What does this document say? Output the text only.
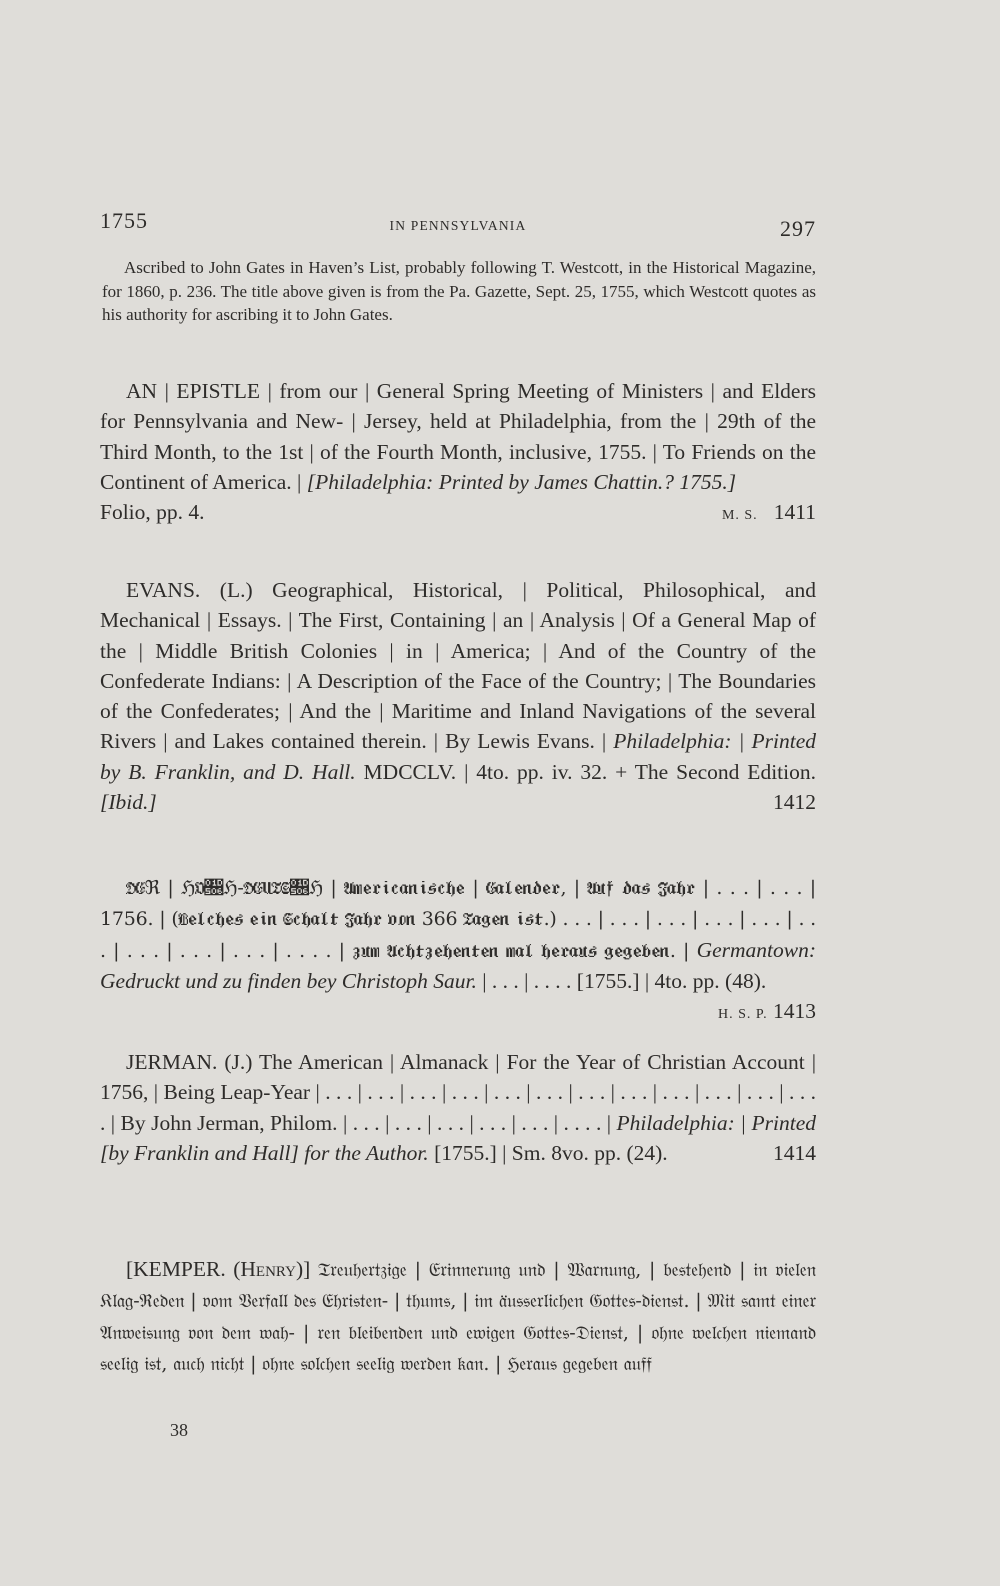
1755	IN PENNSYLVANIA	297

Ascribed to John Gates in Haven’s List, probably following T. Westcott, in the Historical Magazine, for 1860, p. 236. The title above given is from the Pa. Gazette, Sept. 25, 1755, which Westcott quotes as his authority for ascribing it to John Gates.

AN | EPISTLE | from our | General Spring Meeting of Ministers | and Elders for Pennsylvania and New- | Jersey, held at Philadelphia, from the | 29th of the Third Month, to the 1st | of the Fourth Month, inclusive, 1755. | To Friends on the Continent of America. | [Philadelphia: Printed by James Chattin.? 1755.]
Folio, pp. 4.	M. S. 1411

EVANS. (L.) Geographical, Historical, | Political, Philosophical, and Mechanical | Essays. | The First, Containing | an | Analysis | Of a General Map of the | Middle British Colonies | in | America; | And of the Country of the Confederate Indians: | A Description of the Face of the Country; | The Boundaries of the Confederates; | And the | Maritime and Inland Navigations of the several Rivers | and Lakes contained therein. | By Lewis Evans. | Philadelphia: | Printed by B. Franklin, and D. Hall. MDCCLV. | 4to. pp. iv. 32. + The Second Edition. [Ibid.]	1412

𝔇𝔈ℜ | ℌ𝔒𝔆ℌ-𝔇𝔈𝔘𝔗𝔖𝔆ℌ | 𝔄𝔪𝔢𝔯𝔦𝔠𝔞𝔫𝔦𝔰𝔠𝔥𝔢 | 𝔈𝔞𝔩𝔢𝔫𝔡𝔢𝔯, | 𝔄𝔲𝔣 𝔡𝔞𝔰 𝔍𝔞𝔥𝔯 | . . . | . . . | 1756. | (𝔚𝔢𝔩𝔠𝔥𝔢𝔰 𝔢𝔦𝔫 𝔖𝔠𝔥𝔞𝔩𝔱 𝔍𝔞𝔥𝔯 𝔳𝔬𝔫 366 𝔗𝔞𝔤𝔢𝔫 𝔦𝔰𝔱.) . . . | . . . | . . . | . . . | . . . | . . . | . . . | . . . | . . . | . . . . | 𝔷𝔲𝔪 𝔄𝔠𝔥𝔱𝔷𝔢𝔥𝔢𝔫𝔱𝔢𝔫 𝔪𝔞𝔩 𝔥𝔢𝔯𝔞𝔲𝔰 𝔤𝔢𝔤𝔢𝔟𝔢𝔫. | Germantown: Gedruckt und zu finden bey Christoph Saur. | . . . | . . . . [1755.] | 4to. pp. (48).
H. S. P. 1413

JERMAN. (J.) The American | Almanack | For the Year of Christian Account | 1756, | Being Leap-Year | . . . | . . . | . . . | . . . | . . . | . . . | . . . | . . . | . . . | . . . | . . . | . . . . | By John Jerman, Philom. | . . . | . . . | . . . | . . . | . . . | . . . . | Philadelphia: | Printed [by Franklin and Hall] for the Author. [1755.] | Sm. 8vo. pp. (24).	1414

[KEMPER. (Henry)] 𝔗𝔯𝔢𝔲𝔥𝔢𝔯𝔱𝔷𝔦𝔤𝔢 | 𝔈𝔯𝔦𝔫𝔫𝔢𝔯𝔲𝔫𝔤 𝔲𝔫𝔡 | 𝔚𝔞𝔯𝔫𝔲𝔫𝔤, | 𝔟𝔢𝔰𝔱𝔢𝔥𝔢𝔫𝔡 | 𝔦𝔫 𝔳𝔦𝔢𝔩𝔢𝔫 𝔎𝔩𝔞𝔤-ℜ𝔢𝔡𝔢𝔫 | 𝔳𝔬𝔪 𝔙𝔢𝔯𝔣𝔞𝔩𝔩 𝔡𝔢𝔰 𝔈𝔥𝔯𝔦𝔰𝔱𝔢𝔫- | 𝔱𝔥𝔲𝔪𝔰, | 𝔦𝔪 𝔞̈𝔲𝔰𝔰𝔢𝔯𝔩𝔦𝔠𝔥𝔢𝔫 𝔊𝔬𝔱𝔱𝔢𝔰-𝔡𝔦𝔢𝔫𝔰𝔱. | 𝔐𝔦𝔱 𝔰𝔞𝔪𝔱 𝔢𝔦𝔫𝔢𝔯 𝔄𝔫𝔴𝔢𝔦𝔰𝔲𝔫𝔤 𝔳𝔬𝔫 𝔡𝔢𝔪 𝔴𝔞𝔥- | 𝔯𝔢𝔫 𝔟𝔩𝔢𝔦𝔟𝔢𝔫𝔡𝔢𝔫 𝔲𝔫𝔡 𝔢𝔴𝔦𝔤𝔢𝔫 𝔊𝔬𝔱𝔱𝔢𝔰-𝔇𝔦𝔢𝔫𝔰𝔱, | 𝔬𝔥𝔫𝔢 𝔴𝔢𝔩𝔠𝔥𝔢𝔫 𝔫𝔦𝔢𝔪𝔞𝔫𝔡 𝔰𝔢𝔢𝔩𝔦𝔤 𝔦𝔰𝔱, 𝔞𝔲𝔠𝔥 𝔫𝔦𝔠𝔥𝔱 | 𝔬𝔥𝔫𝔢 𝔰𝔬𝔩𝔠𝔥𝔢𝔫 𝔰𝔢𝔢𝔩𝔦𝔤 𝔴𝔢𝔯𝔡𝔢𝔫 𝔨𝔞𝔫. | ℌ𝔢𝔯𝔞𝔲𝔰 𝔤𝔢𝔤𝔢𝔟𝔢𝔫 𝔞𝔲𝔣𝔣

38
